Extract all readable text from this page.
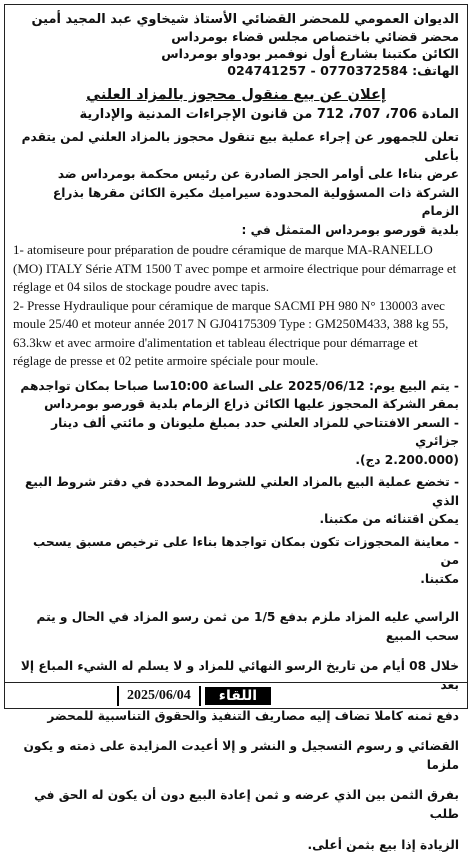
الديوان العمومي للمحضر القضائي الأستاذ شيخاوي عبد المجيد أمين
محضر قضائي باختصاص مجلس قضاء بومرداس
الكائن مكتبنا بشارع أول نوفمبر بودواو بومرداس
الهاتف: 0770372584 - 024741257
إعلان عن بيع منقول محجوز بالمزاد العلني
المادة 706، 707، 712 من قانون الإجراءات المدنية والإدارية

تعلن للجمهور عن إجراء عملية بيع تنقول محجوز بالمزاد العلني لمن يتقدم بأعلى

عرض بناءا على أوامر الحجز الصادرة عن رئيس محكمة بومرداس ضد

الشركة ذات المسؤولية المحدودة سيراميك مكيرة الكائن مقرها بذراع الزمام

بلدية قورصو بومرداس المتمثل في :

1- atomiseure pour préparation de poudre céramique de marque MA-RANELLO (MO) ITALY Série ATM 1500 T avec pompe et armoire électrique pour démarrage et réglage et 04 silos de stockage poudre avec tapis.

2- Presse Hydraulique pour céramique de marque SACMI PH 980 N° 130003 avec moule 25/40 et moteur année 2017 N GJ04175309 Type : GM250M433, 388 kg 55, 63.3kw et avec armoire d'alimentation et tableau électrique pour démarrage et réglage de presse et 02 petite armoire spéciale pour moule.

- يتم البيع يوم: 2025/06/12 على الساعة 10:00سا صباحا بمكان تواجدهم

بمقر الشركة المحجوز عليها الكائن ذراع الزمام بلدية قورصو بومرداس

- السعر الافتتاحي للمزاد العلني حدد بمبلغ مليونان و مائتي ألف دينار جزائري

(2.200.000 دج).

- تخضع عملية البيع بالمزاد العلني للشروط المحددة في دفتر شروط البيع الذي

يمكن اقتنائه من مكتبنا.

- معاينة المحجوزات تكون بمكان تواجدها بناءا على ترخيص مسبق يسحب من

مكتبنا.

الراسي عليه المزاد ملزم بدفع 1/5 من ثمن رسو المزاد في الحال و يتم سحب المبيع

خلال 08 أيام من تاريخ الرسو النهائي للمزاد و لا يسلم له الشيء المباع إلا بعد

دفع ثمنه كاملا تضاف إليه مصاريف التنفيذ والحقوق التناسبية للمحضر

القضائي و رسوم التسجيل و النشر و إلا أعيدت المزايدة على ذمته و يكون ملزما

بفرق الثمن بين الذي عرضه و ثمن إعادة البيع دون أن يكون له الحق في طلب

الزيادة إذا بيع بثمن أعلى.

2025/06/04	اللقاء
